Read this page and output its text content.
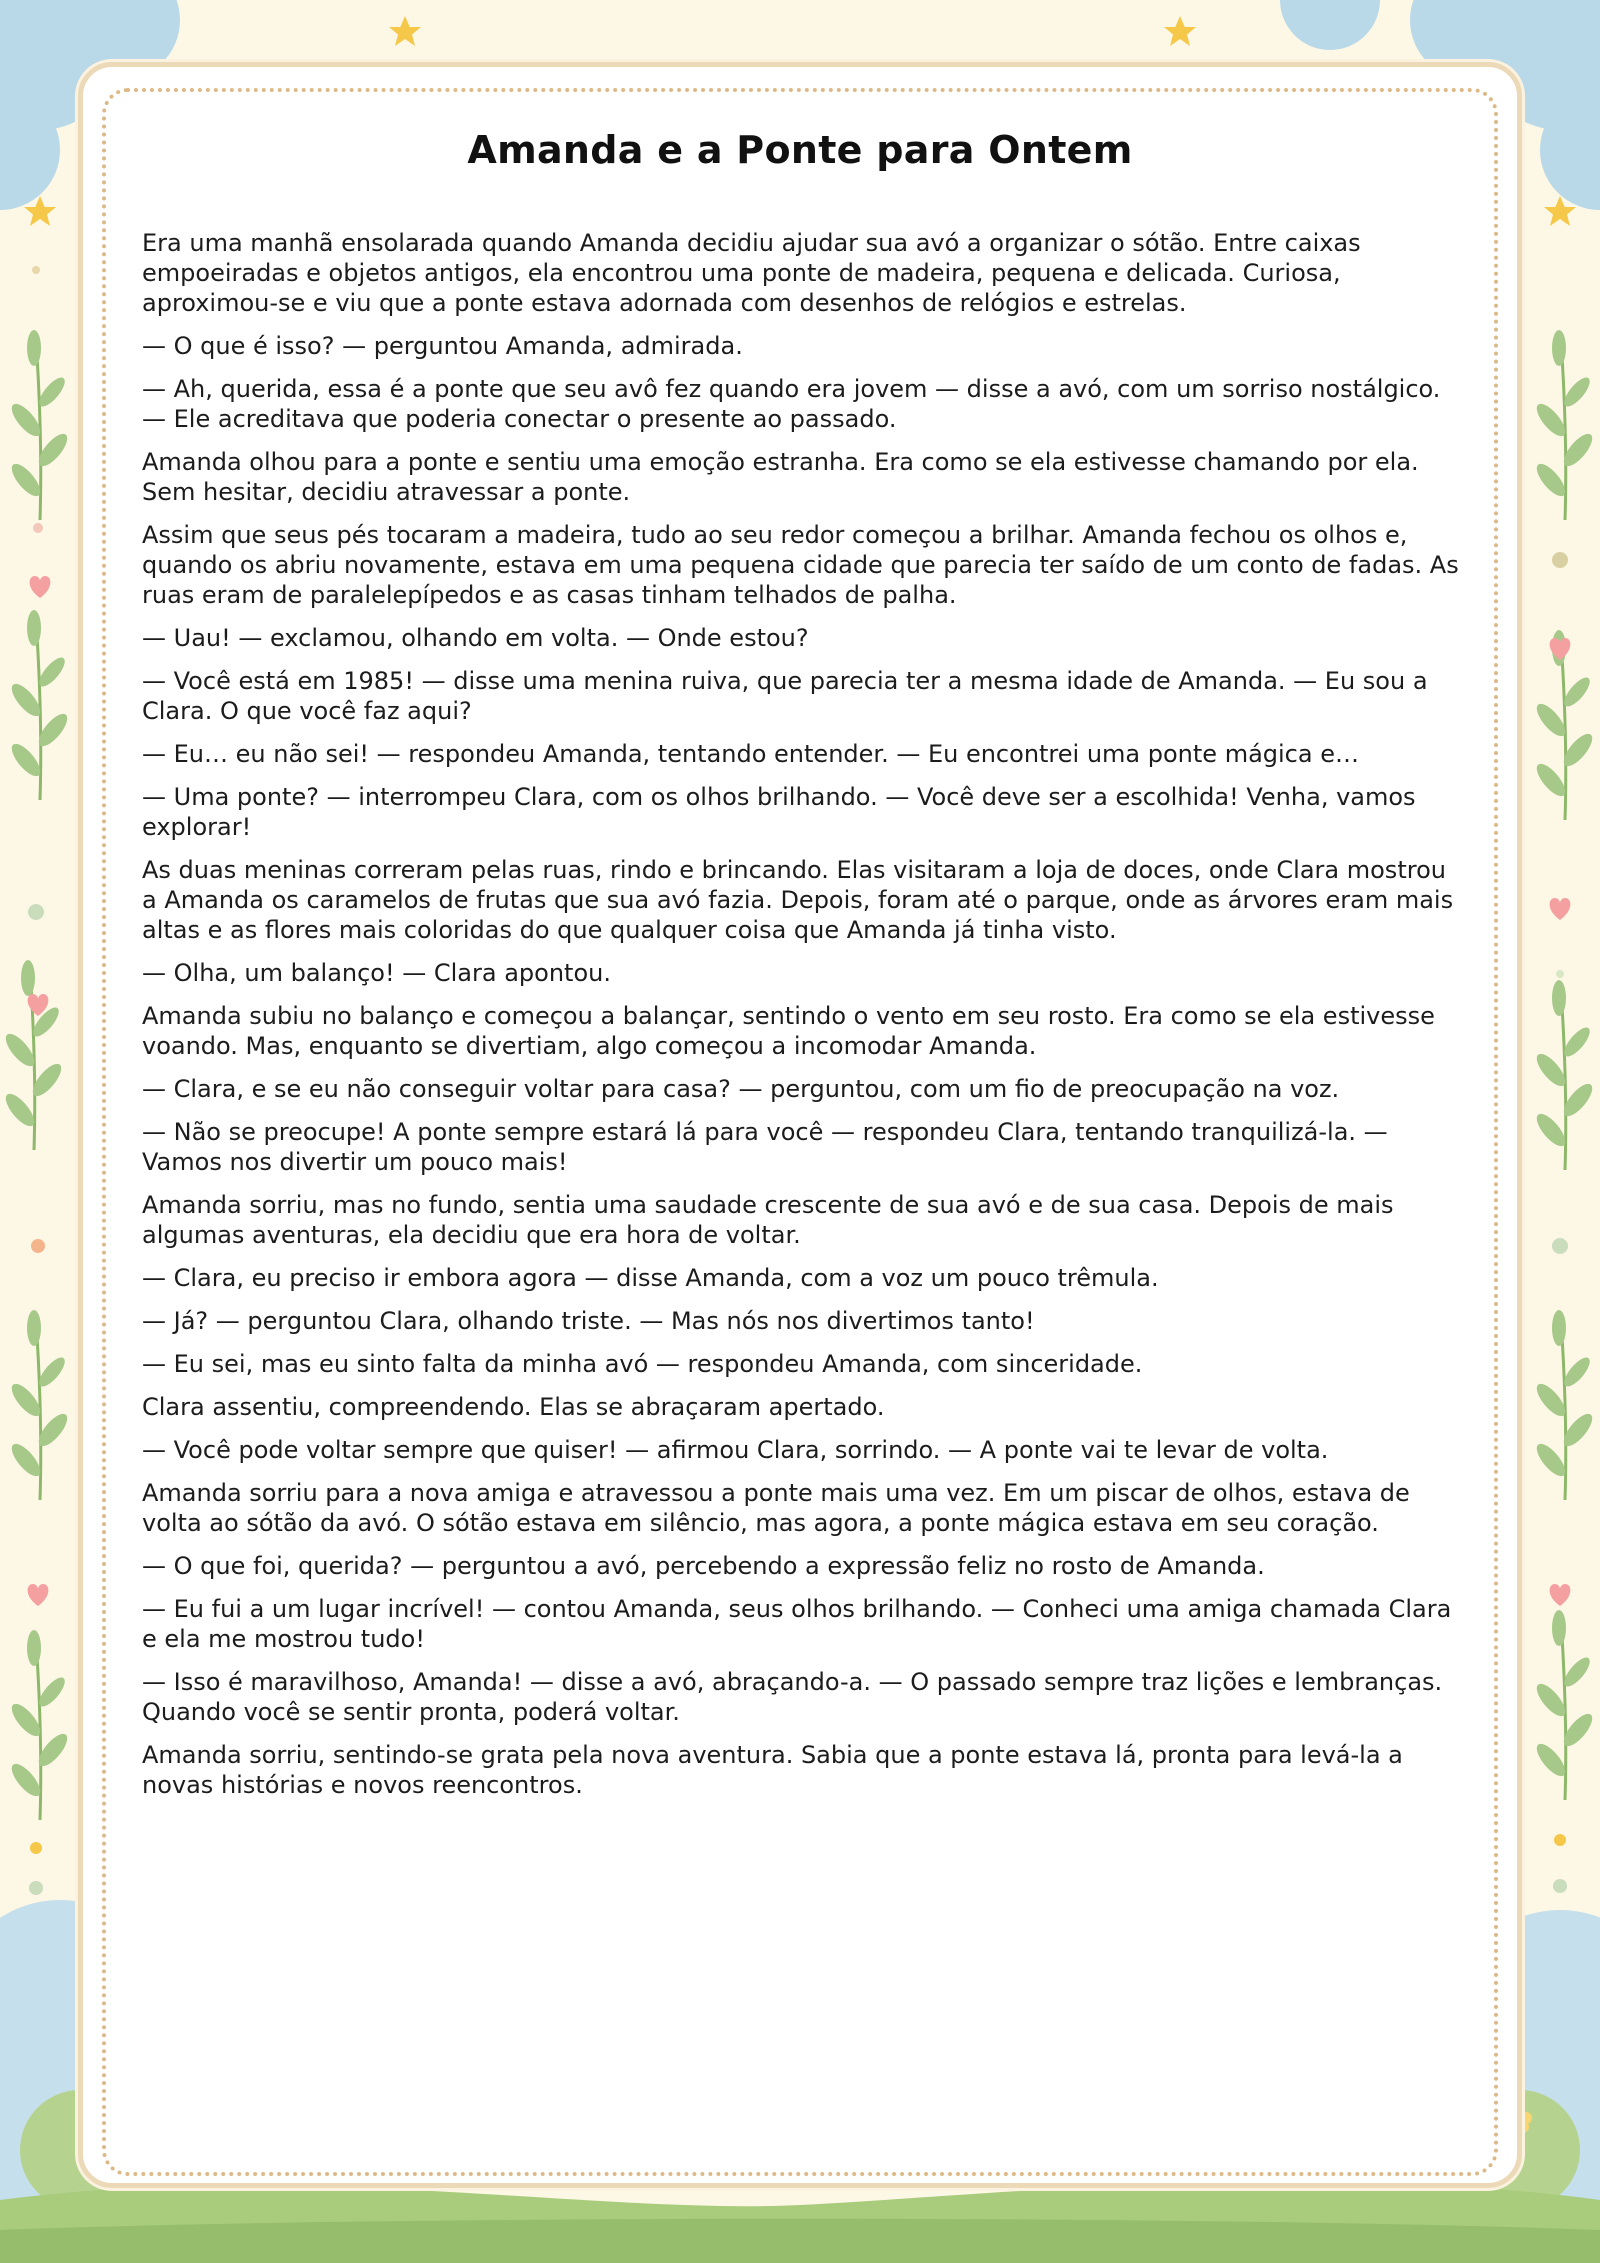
Amanda e a Ponte para Ontem

Era uma manhã ensolarada quando Amanda decidiu ajudar sua avó a organizar o sótão. Entre caixas empoeiradas e objetos antigos, ela encontrou uma ponte de madeira, pequena e delicada. Curiosa, aproximou-se e viu que a ponte estava adornada com desenhos de relógios e estrelas.

— O que é isso? — perguntou Amanda, admirada.

— Ah, querida, essa é a ponte que seu avô fez quando era jovem — disse a avó, com um sorriso nostálgico. — Ele acreditava que poderia conectar o presente ao passado.

Amanda olhou para a ponte e sentiu uma emoção estranha. Era como se ela estivesse chamando por ela. Sem hesitar, decidiu atravessar a ponte.

Assim que seus pés tocaram a madeira, tudo ao seu redor começou a brilhar. Amanda fechou os olhos e, quando os abriu novamente, estava em uma pequena cidade que parecia ter saído de um conto de fadas. As ruas eram de paralelepípedos e as casas tinham telhados de palha.

— Uau! — exclamou, olhando em volta. — Onde estou?

— Você está em 1985! — disse uma menina ruiva, que parecia ter a mesma idade de Amanda. — Eu sou a Clara. O que você faz aqui?

— Eu… eu não sei! — respondeu Amanda, tentando entender. — Eu encontrei uma ponte mágica e…

— Uma ponte? — interrompeu Clara, com os olhos brilhando. — Você deve ser a escolhida! Venha, vamos explorar!

As duas meninas correram pelas ruas, rindo e brincando. Elas visitaram a loja de doces, onde Clara mostrou a Amanda os caramelos de frutas que sua avó fazia. Depois, foram até o parque, onde as árvores eram mais altas e as flores mais coloridas do que qualquer coisa que Amanda já tinha visto.

— Olha, um balanço! — Clara apontou.

Amanda subiu no balanço e começou a balançar, sentindo o vento em seu rosto. Era como se ela estivesse voando. Mas, enquanto se divertiam, algo começou a incomodar Amanda.

— Clara, e se eu não conseguir voltar para casa? — perguntou, com um fio de preocupação na voz.

— Não se preocupe! A ponte sempre estará lá para você — respondeu Clara, tentando tranquilizá-la. — Vamos nos divertir um pouco mais!

Amanda sorriu, mas no fundo, sentia uma saudade crescente de sua avó e de sua casa. Depois de mais algumas aventuras, ela decidiu que era hora de voltar.

— Clara, eu preciso ir embora agora — disse Amanda, com a voz um pouco trêmula.

— Já? — perguntou Clara, olhando triste. — Mas nós nos divertimos tanto!

— Eu sei, mas eu sinto falta da minha avó — respondeu Amanda, com sinceridade.

Clara assentiu, compreendendo. Elas se abraçaram apertado.

— Você pode voltar sempre que quiser! — afirmou Clara, sorrindo. — A ponte vai te levar de volta.

Amanda sorriu para a nova amiga e atravessou a ponte mais uma vez. Em um piscar de olhos, estava de volta ao sótão da avó. O sótão estava em silêncio, mas agora, a ponte mágica estava em seu coração.

— O que foi, querida? — perguntou a avó, percebendo a expressão feliz no rosto de Amanda.

— Eu fui a um lugar incrível! — contou Amanda, seus olhos brilhando. — Conheci uma amiga chamada Clara e ela me mostrou tudo!

— Isso é maravilhoso, Amanda! — disse a avó, abraçando-a. — O passado sempre traz lições e lembranças. Quando você se sentir pronta, poderá voltar.

Amanda sorriu, sentindo-se grata pela nova aventura. Sabia que a ponte estava lá, pronta para levá-la a novas histórias e novos reencontros.
